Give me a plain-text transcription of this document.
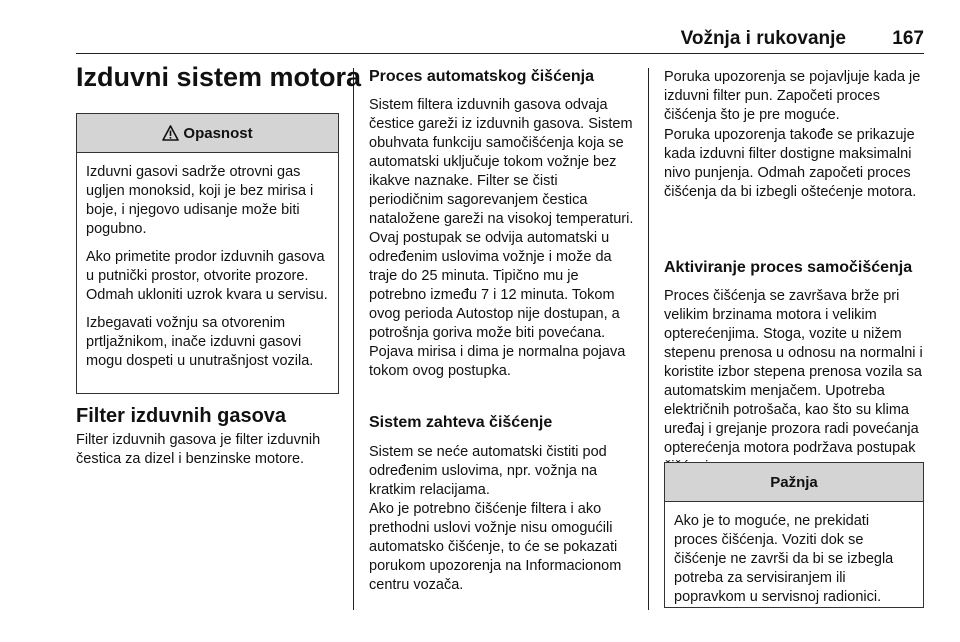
Vožnja i rukovanje 167
Izduvni sistem motora
Opasnost

Izduvni gasovi sadrže otrovni gas ugljen monoksid, koji je bez mirisa i boje, i njegovo udisanje može biti pogubno.

Ako primetite prodor izduvnih gasova u putnički prostor, otvorite prozore. Odmah ukloniti uzrok kvara u servisu.

Izbegavati vožnju sa otvorenim prtljažnikom, inače izduvni gasovi mogu dospeti u unutrašnjost vozila.

Filter izduvnih gasova

Filter izduvnih gasova je filter izduvnih čestica za dizel i benzinske motore.

Proces automatskog čišćenja

Sistem filtera izduvnih gasova odvaja čestice gareži iz izduvnih gasova. Sistem obuhvata funkciju samočišćenja koja se automatski uključuje tokom vožnje bez ikakve naznake. Filter se čisti periodičnim sagorevanjem čestica nataložene gareži na visokoj temperaturi. Ovaj postupak se odvija automatski u određenim uslovima vožnje i može da traje do 25 minuta. Tipično mu je potrebno između 7 i 12 minuta. Tokom ovog perioda Autostop nije dostupan, a potrošnja goriva može biti povećana. Pojava mirisa i dima je normalna pojava tokom ovog postupka.

Sistem zahteva čišćenje

Sistem se neće automatski čistiti pod određenim uslovima, npr. vožnja na kratkim relacijama.

Ako je potrebno čišćenje filtera i ako prethodni uslovi vožnje nisu omogućili automatsko čišćenje, to će se pokazati porukom upozorenja na Informacionom centru vozača.

Poruka upozorenja se pojavljuje kada je izduvni filter pun. Započeti proces čišćenja što je pre moguće.

Poruka upozorenja takođe se prikazuje kada izduvni filter dostigne maksimalni nivo punjenja. Odmah započeti proces čišćenja da bi izbegli oštećenje motora.

Aktiviranje proces samočišćenja

Proces čišćenja se završava brže pri velikim brzinama motora i velikim opterećenjima. Stoga, vozite u nižem stepenu prenosa u odnosu na normalni i koristite izbor stepena prenosa vozila sa automatskim menjačem. Upotreba električnih potrošača, kao što su klima uređaj i grejanje prozora radi povećanja opterećenja motora podržava postupak

Pažnja

Ako je to moguće, ne prekidati proces čišćenja. Voziti dok se čišćenje ne završi da bi se izbegla potreba za servisiranjem ili popravkom u servisnoj radionici.
